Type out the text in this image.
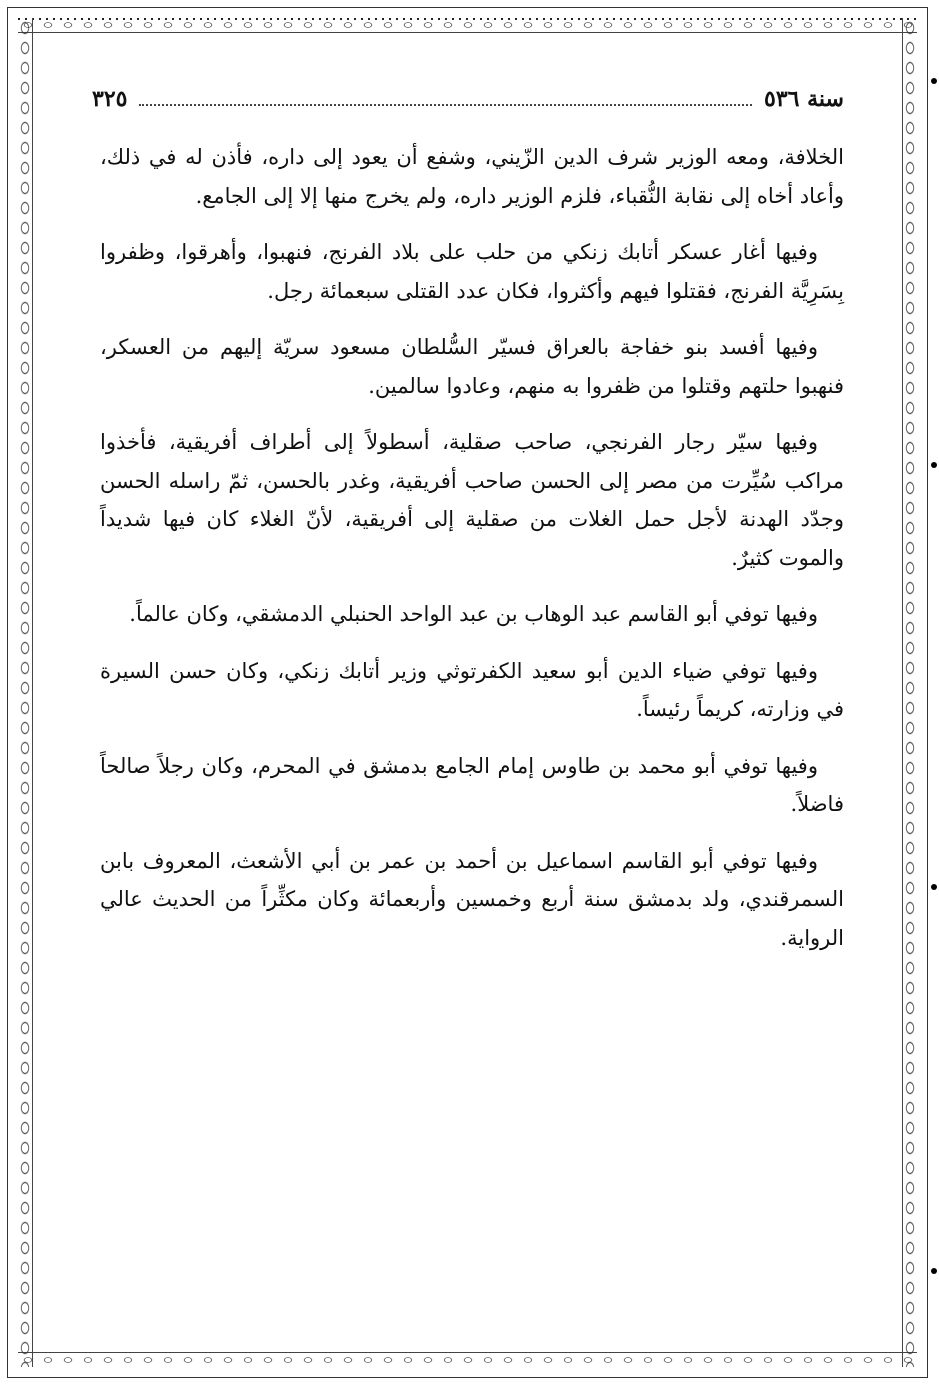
سنة ٥٣٦
٣٢٥

الخلافة، ومعه الوزير شرف الدين الزّيني، وشفع أن يعود إلى داره، فأذن له في ذلك، وأعاد أخاه إلى نقابة النُّقباء، فلزم الوزير داره، ولم يخرج منها إلا إلى الجامع.

وفيها أغار عسكر أتابك زنكي من حلب على بلاد الفرنج، فنهبوا، وأهرقوا، وظفروا بِسَرِيَّة الفرنج، فقتلوا فيهم وأكثروا، فكان عدد القتلى سبعمائة رجل.

وفيها أفسد بنو خفاجة بالعراق فسيّر السُّلطان مسعود سريّة إليهم من العسكر، فنهبوا حلتهم وقتلوا من ظفروا به منهم، وعادوا سالمين.

وفيها سيّر رجار الفرنجي، صاحب صقلية، أسطولاً إلى أطراف أفريقية، فأخذوا مراكب سُيِّرت من مصر إلى الحسن صاحب أفريقية، وغدر بالحسن، ثمّ راسله الحسن وجدّد الهدنة لأجل حمل الغلات من صقلية إلى أفريقية، لأنّ الغلاء كان فيها شديداً والموت كثيرٌ.

وفيها توفي أبو القاسم عبد الوهاب بن عبد الواحد الحنبلي الدمشقي، وكان عالماً.

وفيها توفي ضياء الدين أبو سعيد الكفرتوثي وزير أتابك زنكي، وكان حسن السيرة في وزارته، كريماً رئيساً.

وفيها توفي أبو محمد بن طاوس إمام الجامع بدمشق في المحرم، وكان رجلاً صالحاً فاضلاً.

وفيها توفي أبو القاسم اسماعيل بن أحمد بن عمر بن أبي الأشعث، المعروف بابن السمرقندي، ولد بدمشق سنة أربع وخمسين وأربعمائة وكان مكثِّراً من الحديث عالي الرواية.
